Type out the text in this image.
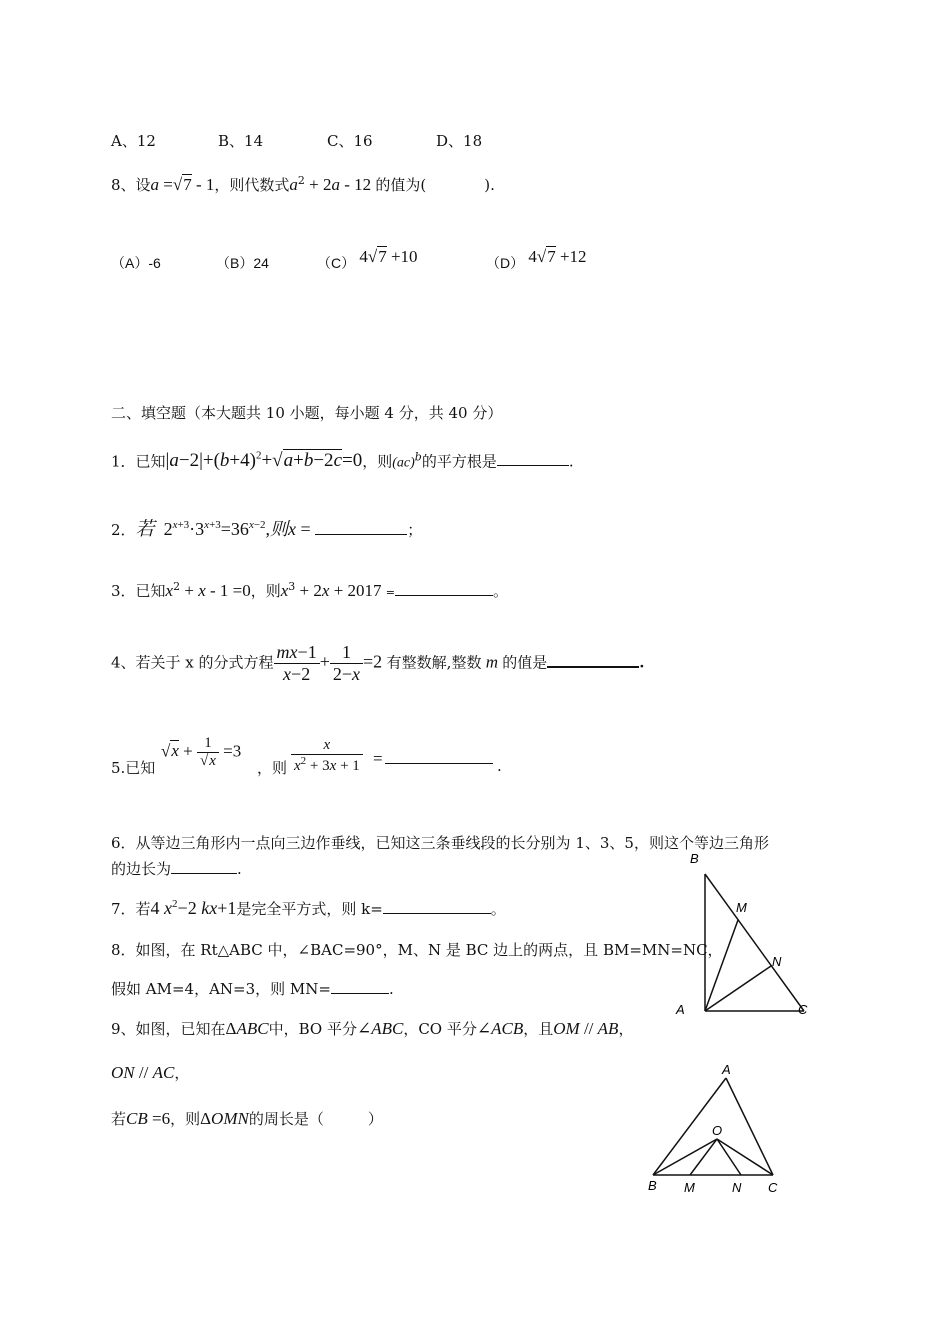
A、12	B、14	C、16	D、18
8、设a =√7 - 1，则代数式$a^2 + 2a - 12$ 的值为(	).
（A）-6	（B）24	（C） 4√7 +10	（D） 4√7 +12
二、填空题（本大题共 10 小题，每小题 4 分，共 40 分）
1．已知$|a-2|+(b+4)^2+√a+b-2c=0$，则(ac)$^b$的平方根是	.
2．若  $2^{x+3}\cdot 3^{x+3}=36^{x-2}$,则x =	；
3．已知$x^2 + x - 1 =0$，则$x^3 + 2x + 2017$ =	。
4、若关于 x 的分式方程 $\frac{mx-1}{x-2} + \frac{1}{2-x} =2$ 有整数解,整数 m 的值是	.
5.已知
$√x + \frac{1}{√x} =3$
，则 $\frac{x}{x^2 + 3x + 1}$ =	.
6．从等边三角形内一点向三边作垂线，已知这三条垂线段的长分别为 1、3、5，则这个等边三角形
的边长为	.
7．若4 $x^2-2$ kx+1是完全平方式，则 k=	。
8．如图，在 Rt△ABC 中，∠BAC=90°，M、N 是 BC 边上的两点，且 BM=MN=NC，
假如 AM=4，AN=3，则 MN=	.
9、如图，已知在ΔABC中，BO 平分∠ABC，CO 平分∠ACB，且OM // AB，
ON // AC，
若CB =6，则ΔOMN的周长是（	）
B
M
N
A	C
A
O
B M	N C
